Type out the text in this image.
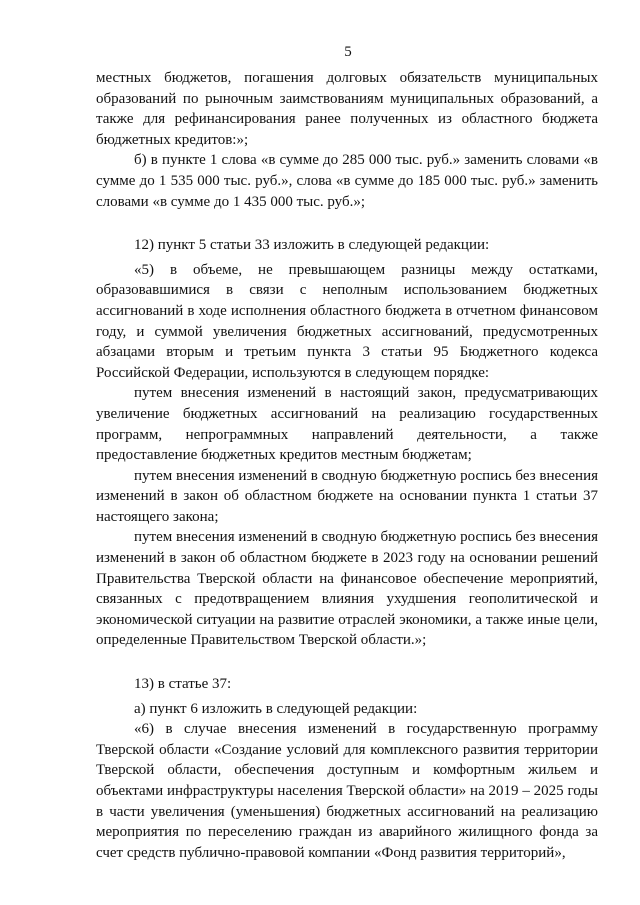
5

местных бюджетов, погашения долговых обязательств муниципальных образований по рыночным заимствованиям муниципальных образований, а также для рефинансирования ранее полученных из областного бюджета бюджетных кредитов:»;

б) в пункте 1 слова «в сумме до 285 000 тыс. руб.» заменить словами «в сумме до 1 535 000 тыс. руб.», слова «в сумме до 185 000 тыс. руб.» заменить словами «в сумме до 1 435 000 тыс. руб.»;

12) пункт 5 статьи 33 изложить в следующей редакции:

«5) в объеме, не превышающем разницы между остатками, образовавшимися в связи с неполным использованием бюджетных ассигнований в ходе исполнения областного бюджета в отчетном финансовом году, и суммой увеличения бюджетных ассигнований, предусмотренных абзацами вторым и третьим пункта 3 статьи 95 Бюджетного кодекса Российской Федерации, используются в следующем порядке:

путем внесения изменений в настоящий закон, предусматривающих увеличение бюджетных ассигнований на реализацию государственных программ, непрограммных направлений деятельности, а также предоставление бюджетных кредитов местным бюджетам;

путем внесения изменений в сводную бюджетную роспись без внесения изменений в закон об областном бюджете на основании пункта 1 статьи 37 настоящего закона;

путем внесения изменений в сводную бюджетную роспись без внесения изменений в закон об областном бюджете в 2023 году на основании решений Правительства Тверской области на финансовое обеспечение мероприятий, связанных с предотвращением влияния ухудшения геополитической и экономической ситуации на развитие отраслей экономики, а также иные цели, определенные Правительством Тверской области.»;

13) в статье 37:

а) пункт 6 изложить в следующей редакции:

«6) в случае внесения изменений в государственную программу Тверской области «Создание условий для комплексного развития территории Тверской области, обеспечения доступным и комфортным жильем и объектами инфраструктуры населения Тверской области» на 2019 – 2025 годы в части увеличения (уменьшения) бюджетных ассигнований на реализацию мероприятия по переселению граждан из аварийного жилищного фонда за счет средств публично-правовой компании «Фонд развития территорий»,
